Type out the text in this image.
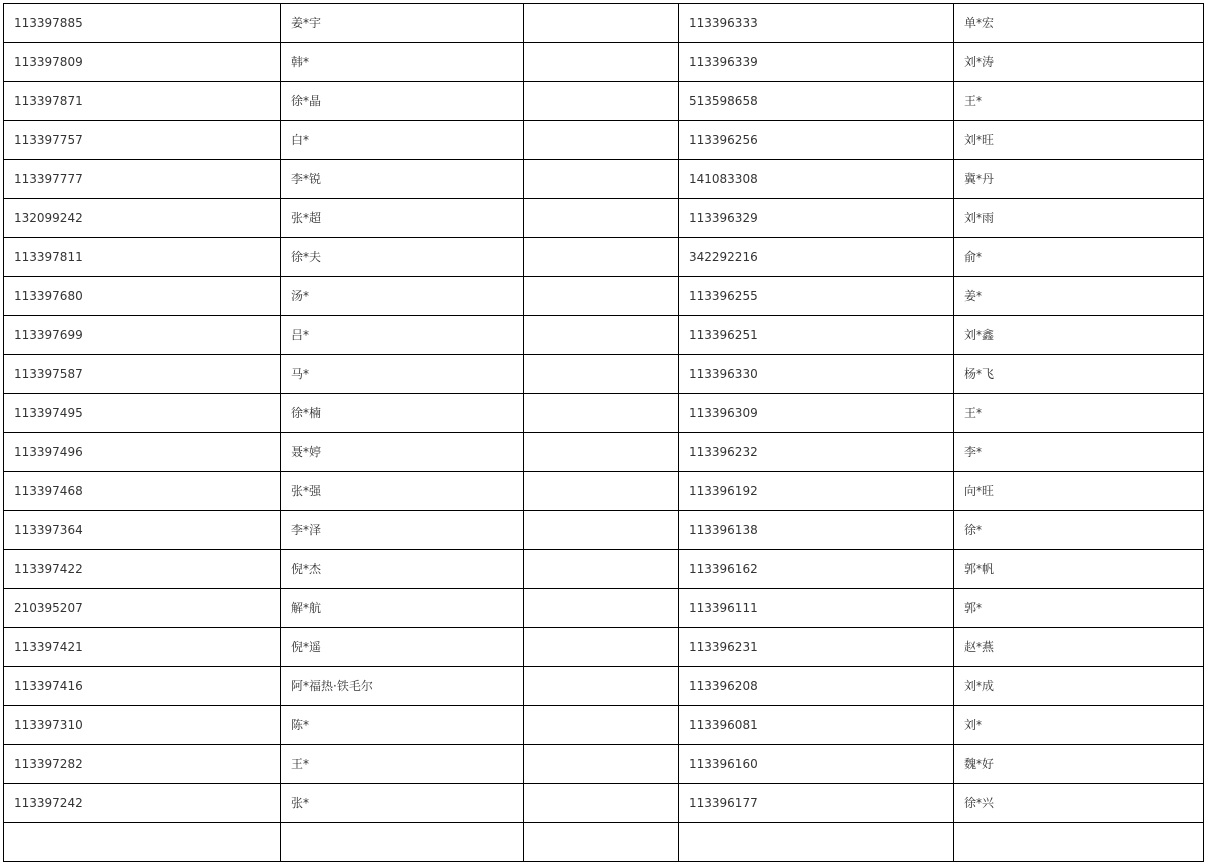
113397885	姜*宇		113396333	单*宏
113397809	韩*		113396339	刘*涛
113397871	徐*晶		513598658	王*
113397757	白*		113396256	刘*旺
113397777	李*锐		141083308	冀*丹
132099242	张*超		113396329	刘*雨
113397811	徐*夫		342292216	俞*
113397680	汤*		113396255	姜*
113397699	吕*		113396251	刘*鑫
113397587	马*		113396330	杨*飞
113397495	徐*楠		113396309	王*
113397496	聂*婷		113396232	李*
113397468	张*强		113396192	向*旺
113397364	李*泽		113396138	徐*
113397422	倪*杰		113396162	郭*帆
210395207	解*航		113396111	郭*
113397421	倪*遥		113396231	赵*燕
113397416	阿*福热·铁毛尔		113396208	刘*成
113397310	陈*		113396081	刘*
113397282	王*		113396160	魏*好
113397242	张*		113396177	徐*兴
